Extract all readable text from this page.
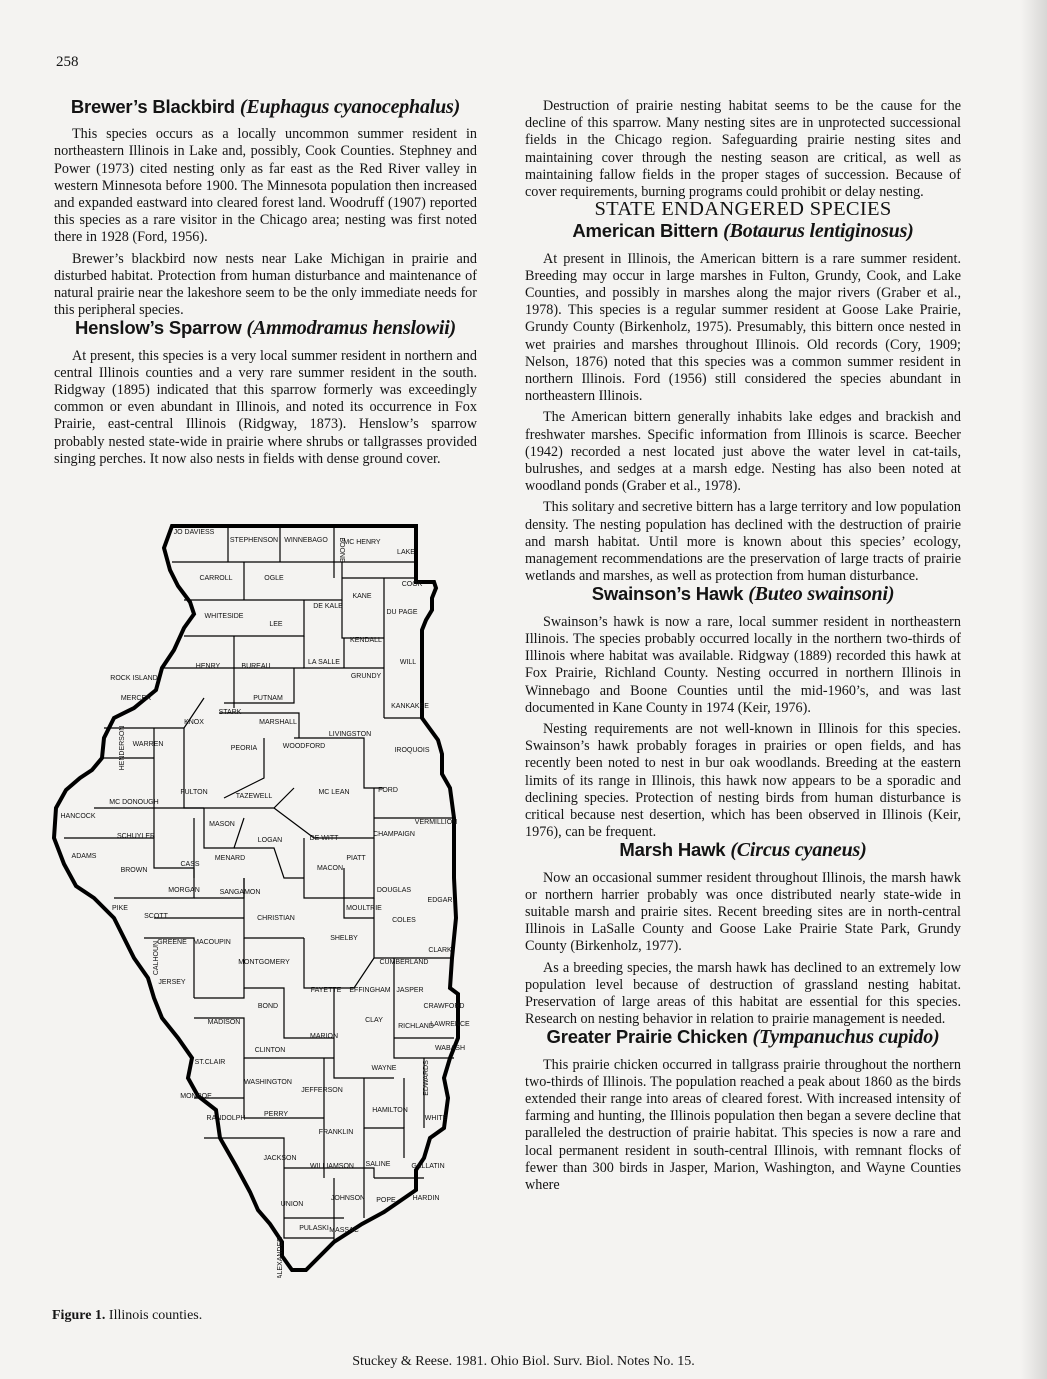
258
Brewer’s Blackbird (Euphagus cyanocephalus)

This species occurs as a locally uncommon summer resident in northeastern Illinois in Lake and, possibly, Cook Counties. Stephney and Power (1973) cited nesting only as far east as the Red River valley in western Minnesota before 1900. The Minnesota population then increased and expanded eastward into cleared forest land. Woodruff (1907) reported this species as a rare visitor in the Chicago area; nesting was first noted there in 1928 (Ford, 1956).

Brewer’s blackbird now nests near Lake Michigan in prairie and disturbed habitat. Protection from human disturbance and maintenance of natural prairie near the lakeshore seem to be the only immediate needs for this peripheral species.

Henslow’s Sparrow (Ammodramus henslowii)

At present, this species is a very local summer resident in northern and central Illinois counties and a very rare summer resident in the south. Ridgway (1895) indicated that this sparrow formerly was exceedingly common or even abundant in Illinois, and noted its occurrence in Fox Prairie, east-central Illinois (Ridgway, 1873). Henslow’s sparrow probably nested state-wide in prairie where shrubs or tallgrasses provided singing perches. It now also nests in fields with dense ground cover.

JO DAVIESS
STEPHENSON WINNEBAGO BOONE
MC HENRY
LAKE
CARROLL	OGLE
DE KALB
KANE
COOK
DU PAGE
WHITESIDE
LEE
KENDALL
WILL
HENRY	BUREAU
LA SALLE
GRUNDY
ROCK ISLAND
PUTNAM
KANKAKEE
MERCER
STARK
MARSHALL
LIVINGSTON
KNOX
IROQUOIS
HENDERSON WARREN
PEORIA	WOODFORD
FULTON
TAZEWELL
MC LEAN	FORD
MC DONOUGH
HANCOCK
VERMILLION
MASON
SCHUYLER
LOGAN	DE WITT
CHAMPAIGN
ADAMS	MENARD	PIATT
BROWN
CASS
MACON
MORGAN	SANGAMON	DOUGLAS
PIKE	MOULTRIE
EDGAR
SCOTT	CHRISTIAN	COLES
GREENE MACOUPIN
SHELBY
CLARK
CALHOUN	MONTGOMERY	CUMBERLAND
JERSEY
FAYETTE EFFINGHAM JASPER
CRAWFORD
BOND
MADISON	CLAY
LAWRENCE
RICHLAND
MARION
CLINTON	WABASH
WAYNE	EDWARDS
ST.CLAIR
WASHINGTON
JEFFERSON
MONROE
HAMILTON
RANDOLPH
PERRY
WHITE
FRANKLIN
JACKSON
WILLIAMSON SALINE	GALLATIN
JOHNSON POPE HARDIN
UNION
PULASKI MASSAC
ALEXANDER
Figure 1. Illinois counties.

Destruction of prairie nesting habitat seems to be the cause for the decline of this sparrow. Many nesting sites are in unprotected successional fields in the Chicago region. Safeguarding prairie nesting sites and maintaining cover through the nesting season are critical, as well as maintaining fallow fields in the proper stages of succession. Because of cover requirements, burning programs could prohibit or delay nesting.

STATE ENDANGERED SPECIES
American Bittern (Botaurus lentiginosus)

At present in Illinois, the American bittern is a rare summer resident. Breeding may occur in large marshes in Fulton, Grundy, Cook, and Lake Counties, and possibly in marshes along the major rivers (Graber et al., 1978). This species is a regular summer resident at Goose Lake Prairie, Grundy County (Birkenholz, 1975). Presumably, this bittern once nested in wet prairies and marshes throughout Illinois. Old records (Cory, 1909; Nelson, 1876) noted that this species was a common summer resident in northern Illinois. Ford (1956) still considered the species abundant in northeastern Illinois.

The American bittern generally inhabits lake edges and brackish and freshwater marshes. Specific information from Illinois is scarce. Beecher (1942) recorded a nest located just above the water level in cat-tails, bulrushes, and sedges at a marsh edge. Nesting has also been noted at woodland ponds (Graber et al., 1978).

This solitary and secretive bittern has a large territory and low population density. The nesting population has declined with the destruction of prairie and marsh habitat. Until more is known about this species’ ecology, management recommendations are the preservation of large tracts of prairie wetlands and marshes, as well as protection from human disturbance.

Swainson’s Hawk (Buteo swainsoni)

Swainson’s hawk is now a rare, local summer resident in northeastern Illinois. The species probably occurred locally in the northern two-thirds of Illinois where habitat was available. Ridgway (1889) recorded this hawk at Fox Prairie, Richland County. Nesting occurred in northern Illinois in Winnebago and Boone Counties until the mid-1960’s, and was last documented in Kane County in 1974 (Keir, 1976).

Nesting requirements are not well-known in Illinois for this species. Swainson’s hawk probably forages in prairies or open fields, and has recently been noted to nest in bur oak woodlands. Breeding at the eastern limits of its range in Illinois, this hawk now appears to be a sporadic and declining species. Protection of nesting birds from human disturbance is critical because nest desertion, which has been observed in Illinois (Keir, 1976), can be frequent.

Marsh Hawk (Circus cyaneus)

Now an occasional summer resident throughout Illinois, the marsh hawk or northern harrier probably was once distributed nearly state-wide in suitable marsh and prairie sites. Recent breeding sites are in north-central Illinois in LaSalle County and Goose Lake Prairie State Park, Grundy County (Birkenholz, 1977).

As a breeding species, the marsh hawk has declined to an extremely low population level because of destruction of grassland nesting habitat. Preservation of large areas of this habitat are essential for this species. Research on nesting behavior in relation to prairie management is needed.

Greater Prairie Chicken (Tympanuchus cupido)

This prairie chicken occurred in tallgrass prairie throughout the northern two-thirds of Illinois. The population reached a peak about 1860 as the birds extended their range into areas of cleared forest. With increased intensity of farming and hunting, the Illinois population then began a severe decline that paralleled the destruction of prairie habitat. This species is now a rare and local permanent resident in south-central Illinois, with remnant flocks of fewer than 300 birds in Jasper, Marion, Washington, and Wayne Counties where

Stuckey & Reese. 1981. Ohio Biol. Surv. Biol. Notes No. 15.
